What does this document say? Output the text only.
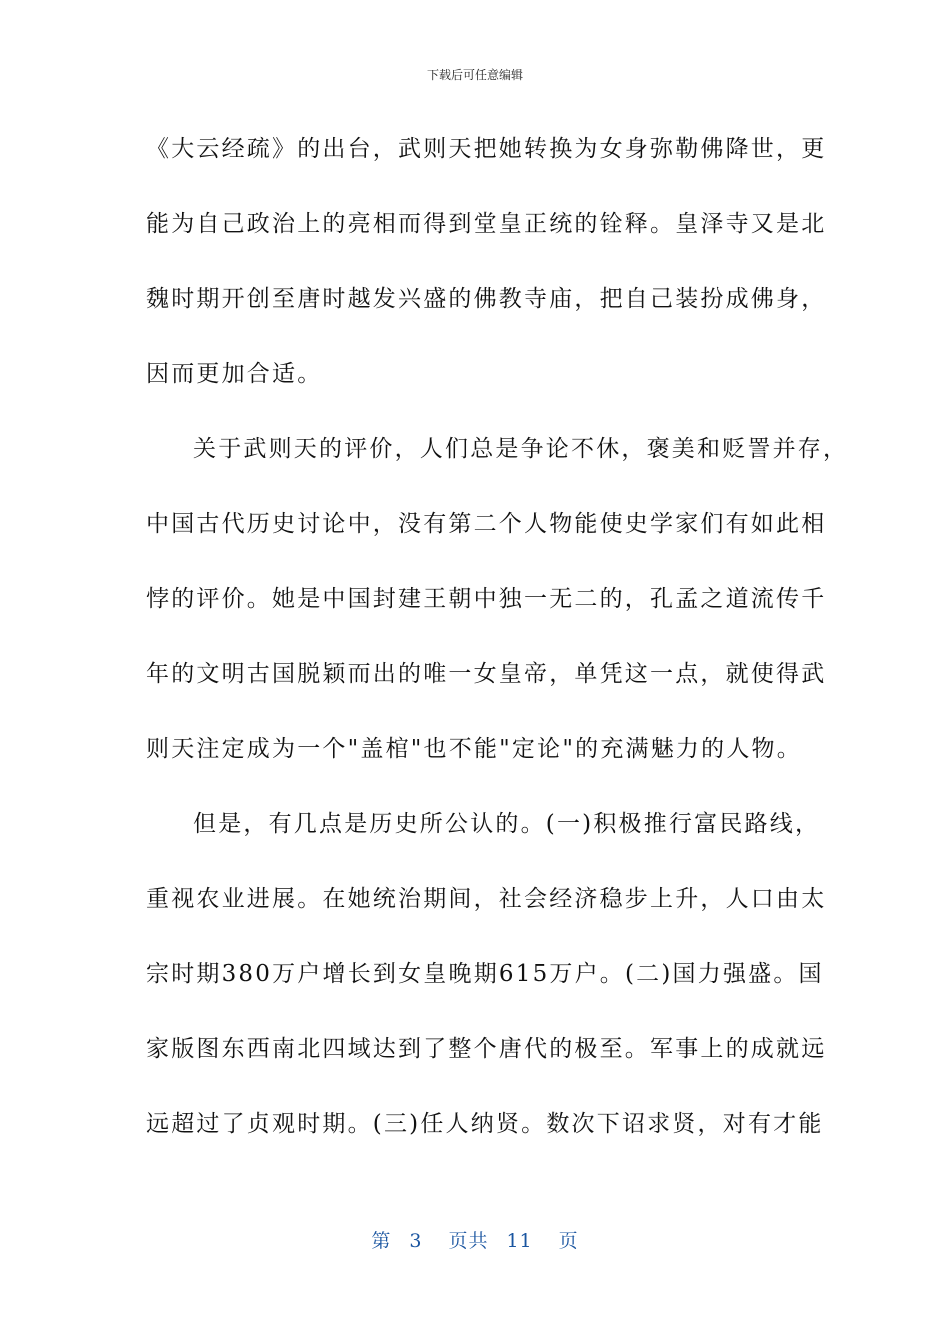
下载后可任意编辑
《大云经疏》的出台，武则天把她转换为女身弥勒佛降世，更
能为自己政治上的亮相而得到堂皇正统的铨释。皇泽寺又是北
魏时期开创至唐时越发兴盛的佛教寺庙，把自己装扮成佛身，
因而更加合适。
关于武则天的评价，人们总是争论不休，褒美和贬詈并存，
中国古代历史讨论中，没有第二个人物能使史学家们有如此相
悖的评价。她是中国封建王朝中独一无二的，孔孟之道流传千
年的文明古国脱颖而出的唯一女皇帝，单凭这一点，就使得武
则天注定成为一个"盖棺"也不能"定论"的充满魅力的人物。
但是，有几点是历史所公认的。(一)积极推行富民路线，
重视农业进展。在她统治期间，社会经济稳步上升，人口由太
宗时期380万户增长到女皇晚期615万户。(二)国力强盛。国
家版图东西南北四域达到了整个唐代的极至。军事上的成就远
远超过了贞观时期。(三)任人纳贤。数次下诏求贤，对有才能
第 3 页共 11 页
